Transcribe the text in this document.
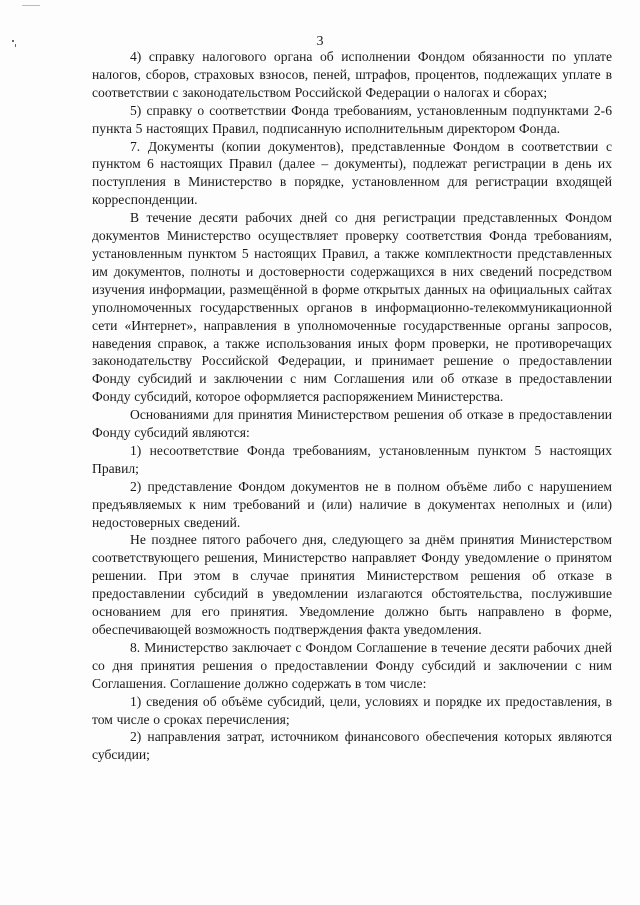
3

4) справку налогового органа об исполнении Фондом обязанности по уплате налогов, сборов, страховых взносов, пеней, штрафов, процентов, подлежащих уплате в соответствии с законодательством Российской Федерации о налогах и сборах;

5) справку о соответствии Фонда требованиям, установленным подпунктами 2-6 пункта 5 настоящих Правил, подписанную исполнительным директором Фонда.

7. Документы (копии документов), представленные Фондом в соответствии с пунктом 6 настоящих Правил (далее – документы), подлежат регистрации в день их поступления в Министерство в порядке, установленном для регистрации входящей корреспонденции.

В течение десяти рабочих дней со дня регистрации представленных Фондом документов Министерство осуществляет проверку соответствия Фонда требованиям, установленным пунктом 5 настоящих Правил, а также комплектности представленных им документов, полноты и достоверности содержащихся в них сведений посредством изучения информации, размещённой в форме открытых данных на официальных сайтах уполномоченных государственных органов в информационно-телекоммуникационной сети «Интернет», направления в уполномоченные государственные органы запросов, наведения справок, а также использования иных форм проверки, не противоречащих законодательству Российской Федерации, и принимает решение о предоставлении Фонду субсидий и заключении с ним Соглашения или об отказе в предоставлении Фонду субсидий, которое оформляется распоряжением Министерства.

Основаниями для принятия Министерством решения об отказе в предоставлении Фонду субсидий являются:

1) несоответствие Фонда требованиям, установленным пунктом 5 настоящих Правил;

2) представление Фондом документов не в полном объёме либо с нарушением предъявляемых к ним требований и (или) наличие в документах неполных и (или) недостоверных сведений.

Не позднее пятого рабочего дня, следующего за днём принятия Министерством соответствующего решения, Министерство направляет Фонду уведомление о принятом решении. При этом в случае принятия Министерством решения об отказе в предоставлении субсидий в уведомлении излагаются обстоятельства, послужившие основанием для его принятия. Уведомление должно быть направлено в форме, обеспечивающей возможность подтверждения факта уведомления.

8. Министерство заключает с Фондом Соглашение в течение десяти рабочих дней со дня принятия решения о предоставлении Фонду субсидий и заключении с ним Соглашения. Соглашение должно содержать в том числе:

1) сведения об объёме субсидий, цели, условиях и порядке их предоставления, в том числе о сроках перечисления;

2) направления затрат, источником финансового обеспечения которых являются субсидии;
